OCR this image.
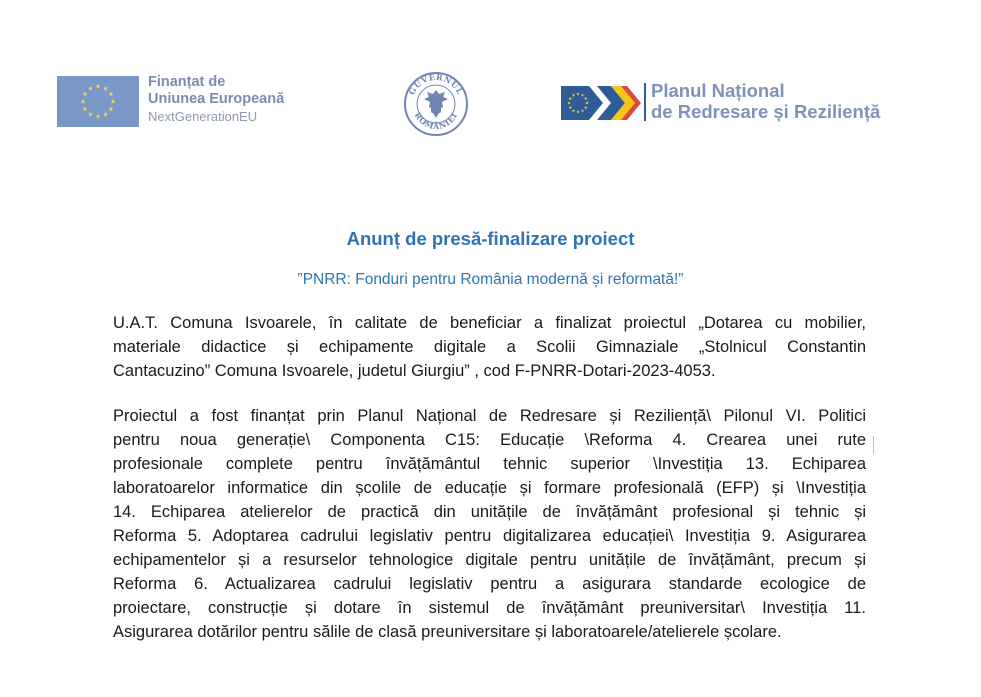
Finanțat de
Uniunea Europeană
NextGenerationEU
GUVERNUL
ROMÂNIEI
Planul Național
de Redresare și Reziliență
Anunț de presă-finalizare proiect
”PNRR: Fonduri pentru România modernă și reformată!”
U.A.T. Comuna Isvoarele, în calitate de beneficiar a finalizat proiectul „Dotarea cu mobilier,
materiale didactice și echipamente digitale a Scolii Gimnaziale „Stolnicul Constantin
Cantacuzino” Comuna Isvoarele, judetul Giurgiu” , cod F-PNRR-Dotari-2023-4053.
Proiectul a fost finanțat prin Planul Național de Redresare și Reziliență\ Pilonul VI. Politici
pentru noua generație\ Componenta C15: Educație \Reforma 4. Crearea unei rute
profesionale complete pentru învățământul tehnic superior \Investiția 13. Echiparea
laboratoarelor informatice din școlile de educație și formare profesională (EFP) și \Investiția
14. Echiparea atelierelor de practică din unitățile de învățământ profesional și tehnic și
Reforma 5. Adoptarea cadrului legislativ pentru digitalizarea educației\ Investiția 9. Asigurarea
echipamentelor și a resurselor tehnologice digitale pentru unitățile de învățământ, precum și
Reforma 6. Actualizarea cadrului legislativ pentru a asigurara standarde ecologice de
proiectare, construcție și dotare în sistemul de învățământ preuniversitar\ Investiția 11.
Asigurarea dotărilor pentru sălile de clasă preuniversitare și laboratoarele/atelierele școlare.
